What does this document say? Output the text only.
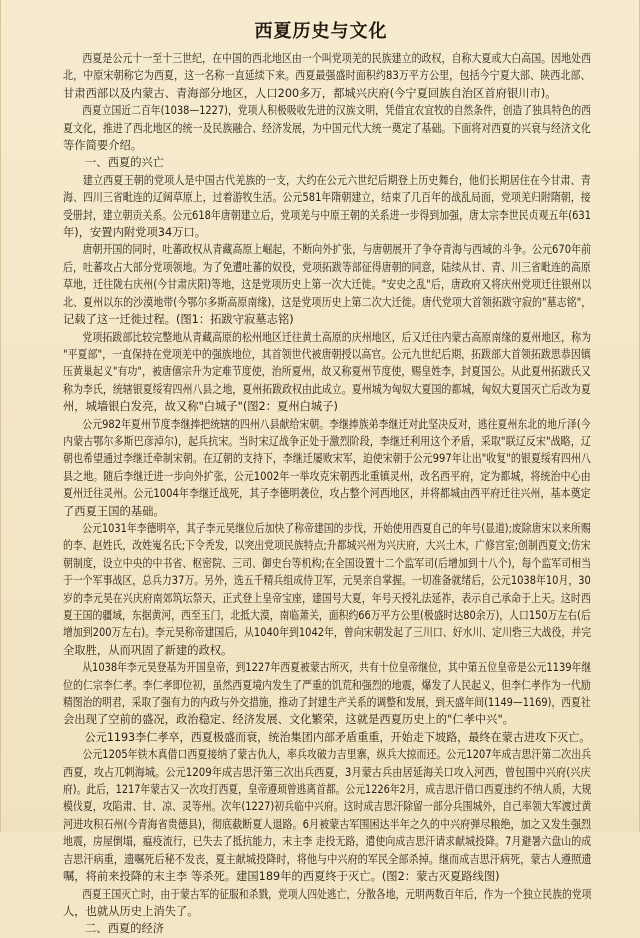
西夏历史与文化
西夏是公元十一至十三世纪，在中国的西北地区由一个叫党项羌的民族建立的政权，自称大夏或大白高国。因地处西
北，中原宋朝称它为西夏，这一名称一直延续下来。西夏最强盛时面积约83万平方公里，包括今宁夏大部、陕西北部、
甘肃西部以及内蒙古、青海部分地区，人口200多万，都城兴庆府(今宁夏回族自治区首府银川市)。
西夏立国近二百年(1038—1227)，党项人积极吸收先进的汉族文明，凭借宜农宜牧的自然条件，创造了独具特色的西
夏文化，推进了西北地区的统一及民族融合、经济发展，为中国元代大统一奠定了基础。下面将对西夏的兴衰与经济文化
等作简要介绍。
一、西夏的兴亡
建立西夏王朝的党项人是中国古代羌族的一支，大约在公元六世纪后期登上历史舞台，他们长期居住在今甘肃、青
海、四川三省毗连的辽阔草原上，过着游牧生活。公元581年隋朝建立，结束了几百年的战乱局面，党项羌归附隋朝，接
受册封，建立朝贡关系。公元618年唐朝建立后，党项羌与中原王朝的关系进一步得到加强，唐太宗李世民贞观五年(631
年)，安置内附党项34万口。
唐朝开国的同时，吐蕃政权从青藏高原上崛起，不断向外扩张，与唐朝展开了争夺青海与西域的斗争。公元670年前
后，吐蕃攻占大部分党项领地。为了免遭吐蕃的奴役，党项拓跋等部征得唐朝的同意，陆续从甘、青、川三省毗连的高原
草地，迁往陇右庆州(今甘肃庆阳)等地，这是党项历史上第一次大迁徙。"安史之乱"后，唐政府又将庆州党项迁往银州以
北、夏州以东的沙漠地带(今鄂尔多斯高原南缘)，这是党项历史上第二次大迁徙。唐代党项大首领拓跋守寂的"墓志铭"，
记载了这一迁徙过程。(图1：拓跋守寂墓志铭)
党项拓跋部比较完整地从青藏高原的松州地区迁往黄土高原的庆州地区，后又迁往内蒙古高原南缘的夏州地区，称为
"平夏部"，一直保持在党项羌中的强族地位，其首领世代被唐朝授以高官。公元九世纪后期，拓跋部大首领拓跋思恭因镇
压黄巢起义"有功"，被唐僖宗升为定难节度使，治所夏州，故又称夏州节度使，赐皇姓李，封夏国公。从此夏州拓跋氏又
称为李氏，统辖银夏绥宥四州八县之地，夏州拓跋政权由此成立。夏州城为匈奴大夏国的都城，匈奴大夏国灭亡后改为夏
州，城墙银白发亮，故又称"白城子"(图2：夏州白城子)
公元982年夏州节度李继捧把统辖的四州八县献给宋朝。李继捧族弟李继迁对此坚决反对，逃往夏州东北的地斤泽(今
内蒙古鄂尔多斯巴彦淖尔)，起兵抗宋。当时宋辽战争正处于激烈阶段，李继迁利用这个矛盾，采取"联辽反宋"战略，辽
朝也希望通过李继迁牵制宋朝。在辽朝的支持下，李继迁屡败宋军，迫使宋朝于公元997年让出"收复"的银夏绥宥四州八
县之地。随后李继迁进一步向外扩张，公元1002年一举攻克宋朝西北重镇灵州，改名西平府，定为都城，将统治中心由
夏州迁往灵州。公元1004年李继迁战死，其子李德明袭位，攻占整个河西地区，并将都城由西平府迁往兴州，基本奠定
了西夏王国的基础。
公元1031年李德明卒，其子李元昊继位后加快了称帝建国的步伐，开始使用西夏自己的年号(显道);废除唐宋以来所赐
的李、赵姓氏，改姓嵬名氏;下令秃发，以突出党项民族特点;升都城兴州为兴庆府，大兴土木，广修宫室;创制西夏文;仿宋
朝制度，设立中央的中书省、枢密院、三司、御史台等机构;在全国设置十二个监军司(后增加到十八个)，每个监军司相当
于一个军事战区，总兵力37万。另外，选五千精兵组成侍卫军，元昊亲自掌握。一切准备就绪后，公元1038年10月，30
岁的李元昊在兴庆府南郊筑坛祭天，正式登上皇帝宝座，建国号大夏，年号天授礼法延祚，表示自己承命于上天。这时西
夏王国的疆域，东据黄河，西至玉门，北抵大漠，南临萧关，面积约66万平方公里(极盛时达80余万)，人口150万左右(后
增加到200万左右)。李元昊称帝建国后，从1040年到1042年，曾向宋朝发起了三川口、好水川、定川砦三大战役，并完
全取胜，从而巩固了新建的政权。
从1038年李元昊登基为开国皇帝，到1227年西夏被蒙古所灭，共有十位皇帝继位，其中第五位皇帝是公元1139年继
位的仁宗李仁孝。李仁孝即位初，虽然西夏境内发生了严重的饥荒和强烈的地震，爆发了人民起义，但李仁孝作为一代励
精图治的明君，采取了强有力的内政与外交措施，推动了封建生产关系的调整和发展，到天盛年间(1149—1169)，西夏社
会出现了空前的盛况，政治稳定、经济发展、文化繁荣，这就是西夏历史上的"仁孝中兴"。
公元1193李仁孝卒，西夏极盛而衰，统治集团内部矛盾重重，开始走下坡路，最终在蒙古进攻下灭亡。
公元1205年铁木真借口西夏接纳了蒙古仇人，率兵攻破力吉里寨，纵兵大掠而还。公元1207年成吉思汗第二次出兵
西夏，攻占兀剌海城。公元1209年成吉思汗第三次出兵西夏，3月蒙古兵由居延海关口攻入河西，曾包围中兴府(兴庆
府)。此后，1217年蒙古又一次攻打西夏，皇帝遵顼曾逃离首都。公元1226年2月，成吉思汗借口西夏违约不纳人质，大规
模伐夏，攻陷肃、甘、凉、灵等州。次年(1227)初兵临中兴府。这时成吉思汗除留一部分兵围城外，自己率领大军渡过黄
河进攻积石州(今青海省贵德县)，彻底截断夏人退路。6月被蒙古军围困达半年之久的中兴府弹尽粮绝，加之又发生强烈
地震，房屋倒塌，瘟疫流行，已失去了抵抗能力，末主李 走投无路，遣使向成吉思汗请求献城投降。7月避暑六盘山的成
吉思汗病重，遗嘱死后秘不发丧，夏主献城投降时，将他与中兴府的军民全部杀掉。继而成吉思汗病死，蒙古人遵照遗
嘱，将前来投降的末主李 等杀死。建国189年的西夏终于灭亡。(图2：蒙古灭夏路线图)
西夏王国灭亡时，由于蒙古军的征服和杀戮，党项人四处逃亡，分散各地，元明两数百年后，作为一个独立民族的党项
人，也就从历史上消失了。
二、西夏的经济
